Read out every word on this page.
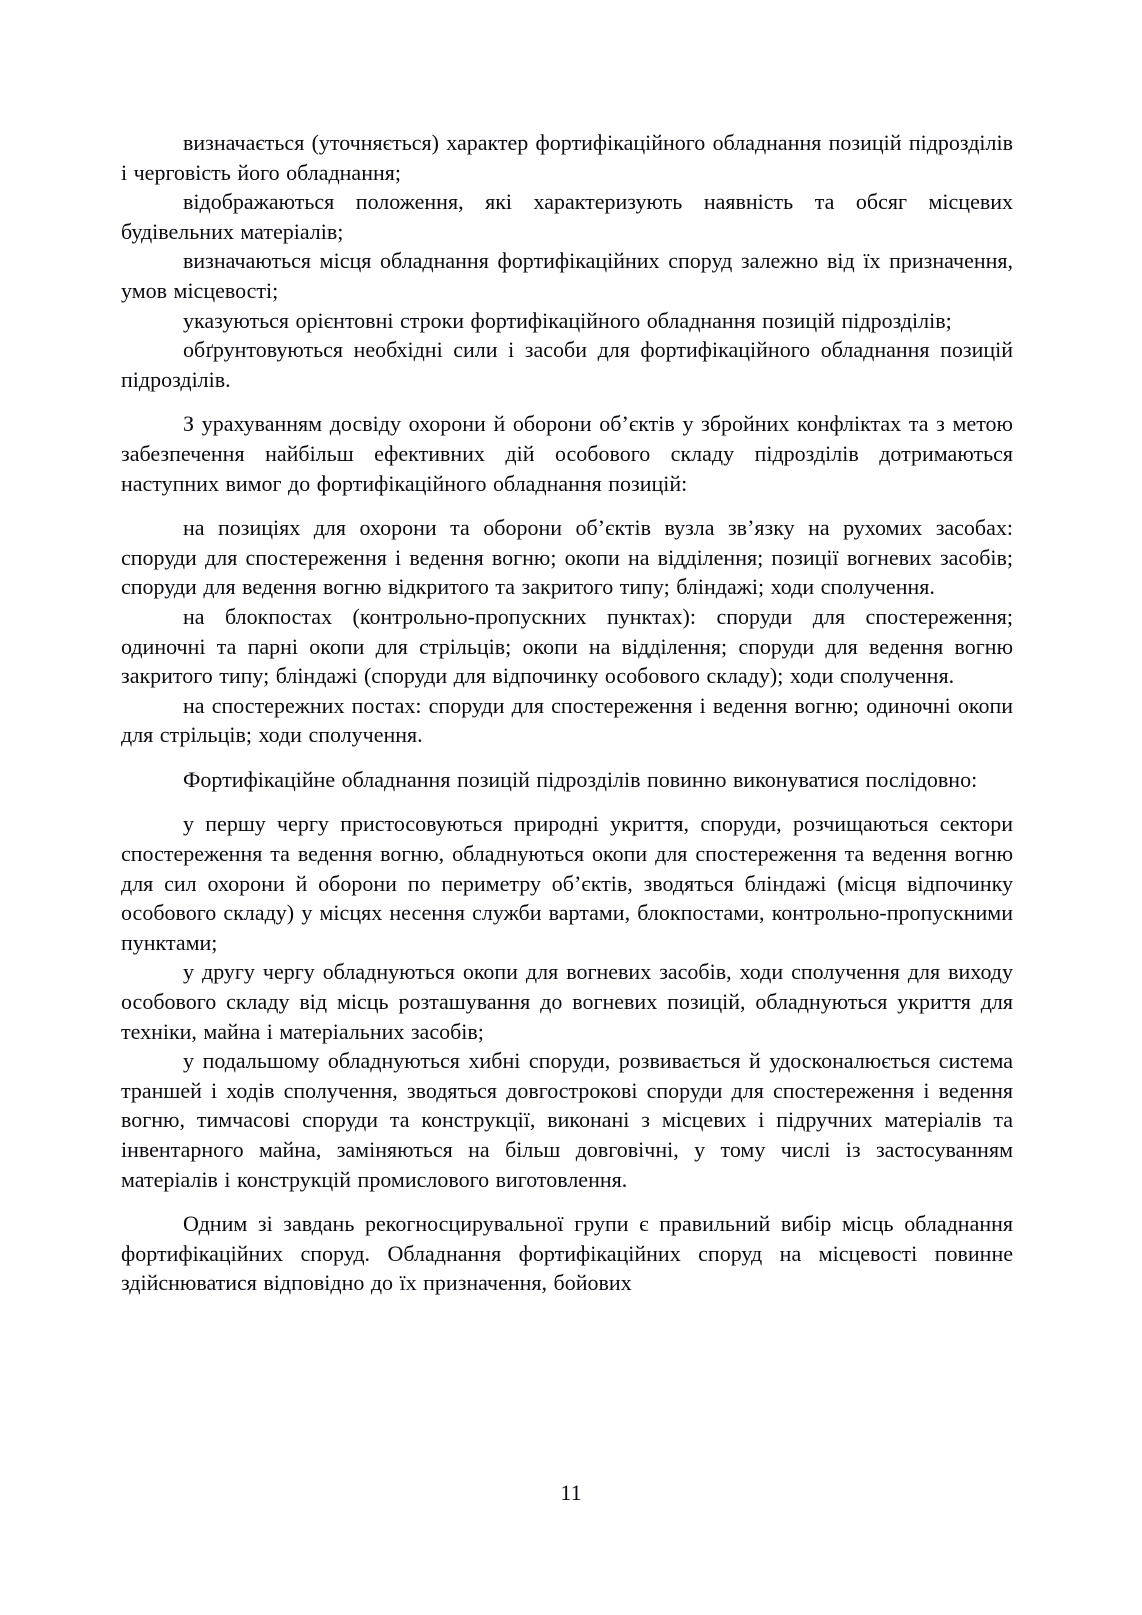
визначається (уточняється) характер фортифікаційного обладнання позицій підрозділів і черговість його обладнання;

відображаються положення, які характеризують наявність та обсяг місцевих будівельних матеріалів;

визначаються місця обладнання фортифікаційних споруд залежно від їх призначення, умов місцевості;

указуються орієнтовні строки фортифікаційного обладнання позицій підрозділів;

обґрунтовуються необхідні сили і засоби для фортифікаційного обладнання позицій підрозділів.

З урахуванням досвіду охорони й оборони об’єктів у збройних конфліктах та з метою забезпечення найбільш ефективних дій особового складу підрозділів дотримаються наступних вимог до фортифікаційного обладнання позицій:

на позиціях для охорони та оборони об’єктів вузла зв’язку на рухомих засобах: споруди для спостереження і ведення вогню; окопи на відділення; позиції вогневих засобів; споруди для ведення вогню відкритого та закритого типу; бліндажі; ходи сполучення.

на блокпостах (контрольно-пропускних пунктах): споруди для спостереження; одиночні та парні окопи для стрільців; окопи на відділення; споруди для ведення вогню закритого типу; бліндажі (споруди для відпочинку особового складу); ходи сполучення.

на спостережних постах: споруди для спостереження і ведення вогню; одиночні окопи для стрільців; ходи сполучення.

Фортифікаційне обладнання позицій підрозділів повинно виконуватися послідовно:

у першу чергу пристосовуються природні укриття, споруди, розчищаються сектори спостереження та ведення вогню, обладнуються окопи для спостереження та ведення вогню для сил охорони й оборони по периметру об’єктів, зводяться бліндажі (місця відпочинку особового складу) у місцях несення служби вартами, блокпостами, контрольно-пропускними пунктами;

у другу чергу обладнуються окопи для вогневих засобів, ходи сполучення для виходу особового складу від місць розташування до вогневих позицій, обладнуються укриття для техніки, майна і матеріальних засобів;

у подальшому обладнуються хибні споруди, розвивається й удосконалюється система траншей і ходів сполучення, зводяться довгострокові споруди для спостереження і ведення вогню, тимчасові споруди та конструкції, виконані з місцевих і підручних матеріалів та інвентарного майна, заміняються на більш довговічні, у тому числі із застосуванням матеріалів і конструкцій промислового виготовлення.

Одним зі завдань рекогносцирувальної групи є правильний вибір місць обладнання фортифікаційних споруд. Обладнання фортифікаційних споруд на місцевості повинне здійснюватися відповідно до їх призначення, бойових

11
